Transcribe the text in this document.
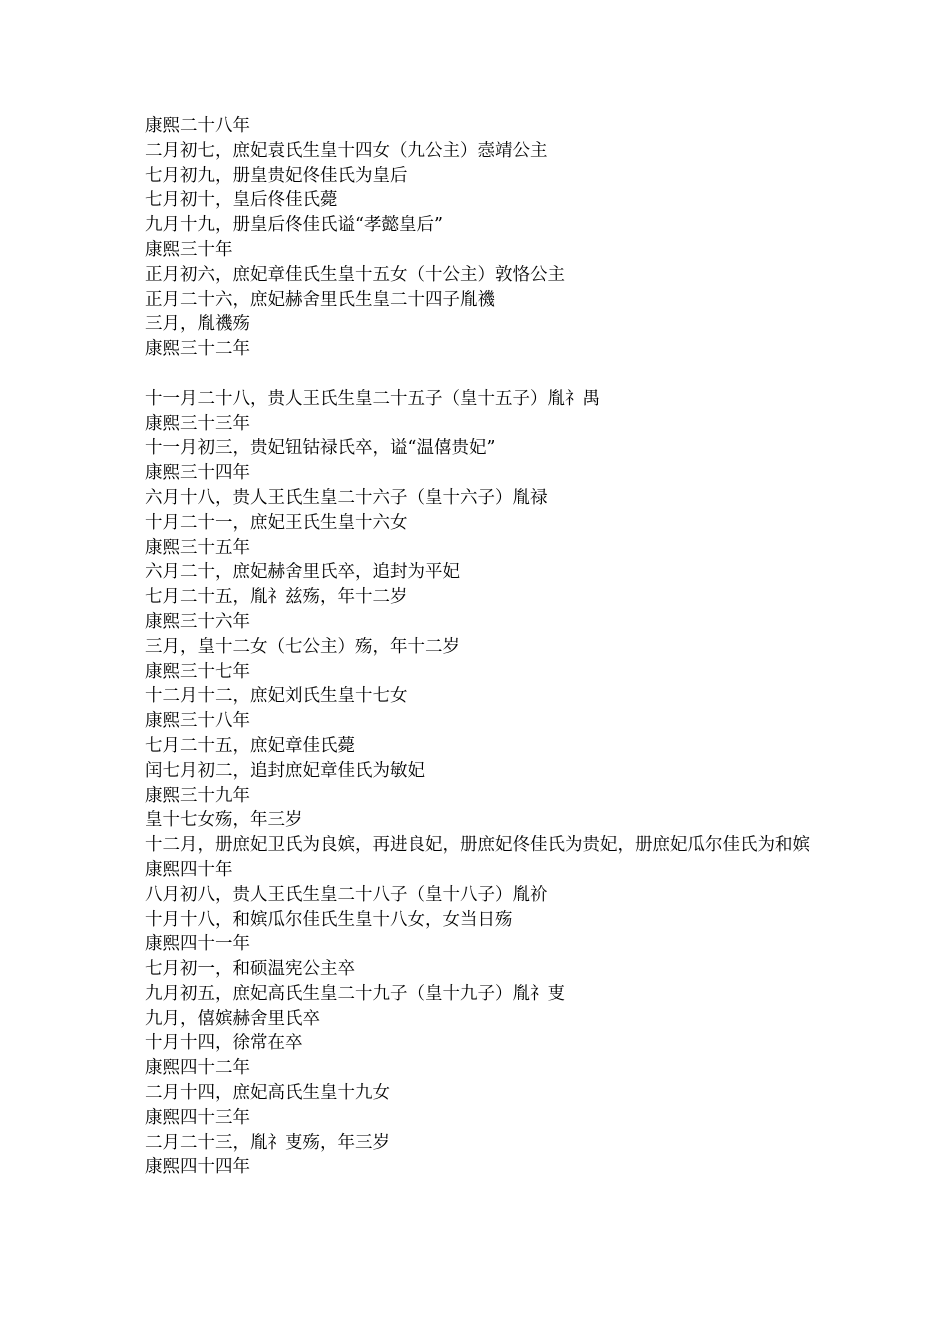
康熙二十八年
二月初七，庶妃袁氏生皇十四女（九公主）悫靖公主
七月初九，册皇贵妃佟佳氏为皇后
七月初十，皇后佟佳氏薨
九月十九，册皇后佟佳氏谥“孝懿皇后”
康熙三十年
正月初六，庶妃章佳氏生皇十五女（十公主）敦恪公主
正月二十六，庶妃赫舍里氏生皇二十四子胤禨
三月，胤禨殇
康熙三十二年
十一月二十八，贵人王氏生皇二十五子（皇十五子）胤礻禺
康熙三十三年
十一月初三，贵妃钮钴禄氏卒，谥“温僖贵妃”
康熙三十四年
六月十八，贵人王氏生皇二十六子（皇十六子）胤禄
十月二十一，庶妃王氏生皇十六女
康熙三十五年
六月二十，庶妃赫舍里氏卒，追封为平妃
七月二十五，胤礻兹殇，年十二岁
康熙三十六年
三月，皇十二女（七公主）殇，年十二岁
康熙三十七年
十二月十二，庶妃刘氏生皇十七女
康熙三十八年
七月二十五，庶妃章佳氏薨
闰七月初二，追封庶妃章佳氏为敏妃
康熙三十九年
皇十七女殇，年三岁
十二月，册庶妃卫氏为良嫔，再进良妃，册庶妃佟佳氏为贵妃，册庶妃瓜尔佳氏为和嫔
康熙四十年
八月初八，贵人王氏生皇二十八子（皇十八子）胤祄
十月十八，和嫔瓜尔佳氏生皇十八女，女当日殇
康熙四十一年
七月初一，和硕温宪公主卒
九月初五，庶妃高氏生皇二十九子（皇十九子）胤礻叓
九月，僖嫔赫舍里氏卒
十月十四，徐常在卒
康熙四十二年
二月十四，庶妃高氏生皇十九女
康熙四十三年
二月二十三，胤礻叓殇，年三岁
康熙四十四年
